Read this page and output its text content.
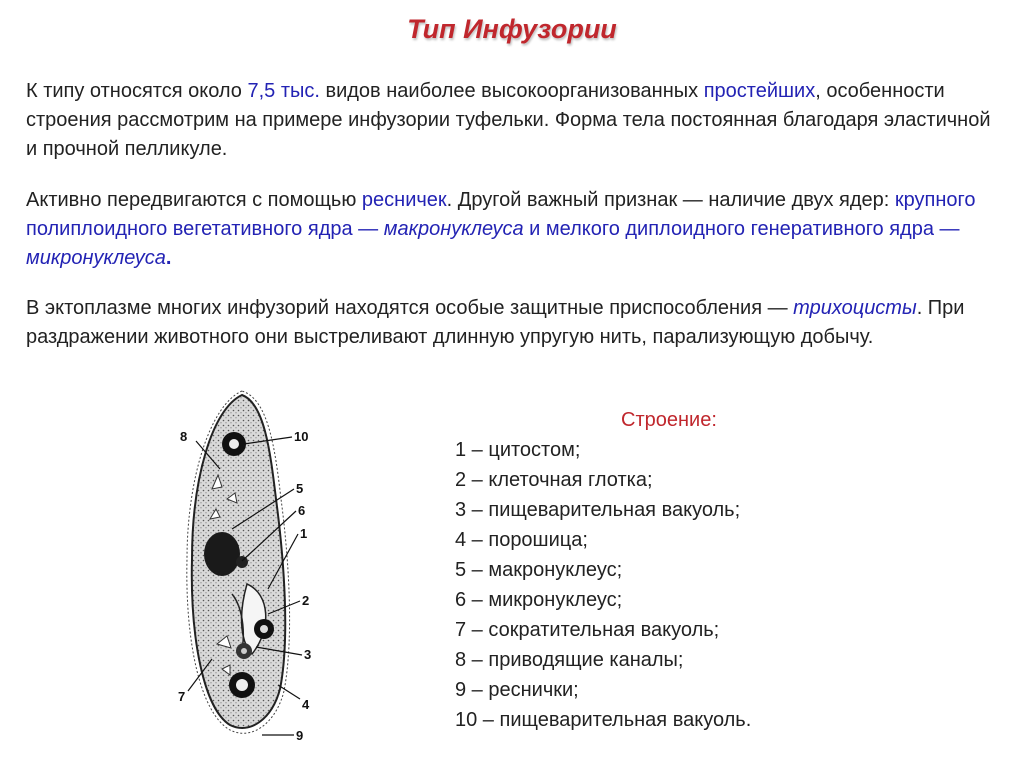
Тип Инфузории

К типу относятся около 7,5 тыс. видов наиболее высокоорганизованных простейших, особенности строения рассмотрим на примере инфузории туфельки. Форма тела постоянная благодаря эластичной и прочной пелликуле.

Активно передвигаются с помощью ресничек. Другой важный признак — наличие двух ядер: крупного полиплоидного вегетативного ядра — макронуклеуса и мелкого диплоидного генеративного ядра — микронуклеуса.

В эктоплазме многих инфузорий находятся особые защитные приспособления — трихоцисты. При раздражении животного они выстреливают длинную упругую нить, парализующую добычу.

8	10
5
6
1
2
3
7
4
9
Строение:
1 – цитостом;
2 – клеточная глотка;
3 – пищеварительная вакуоль;
4 – порошица;
5 – макронуклеус;
6 – микронуклеус;
7 – сократительная вакуоль;
8 – приводящие каналы;
9 – реснички;
10 – пищеварительная вакуоль.
